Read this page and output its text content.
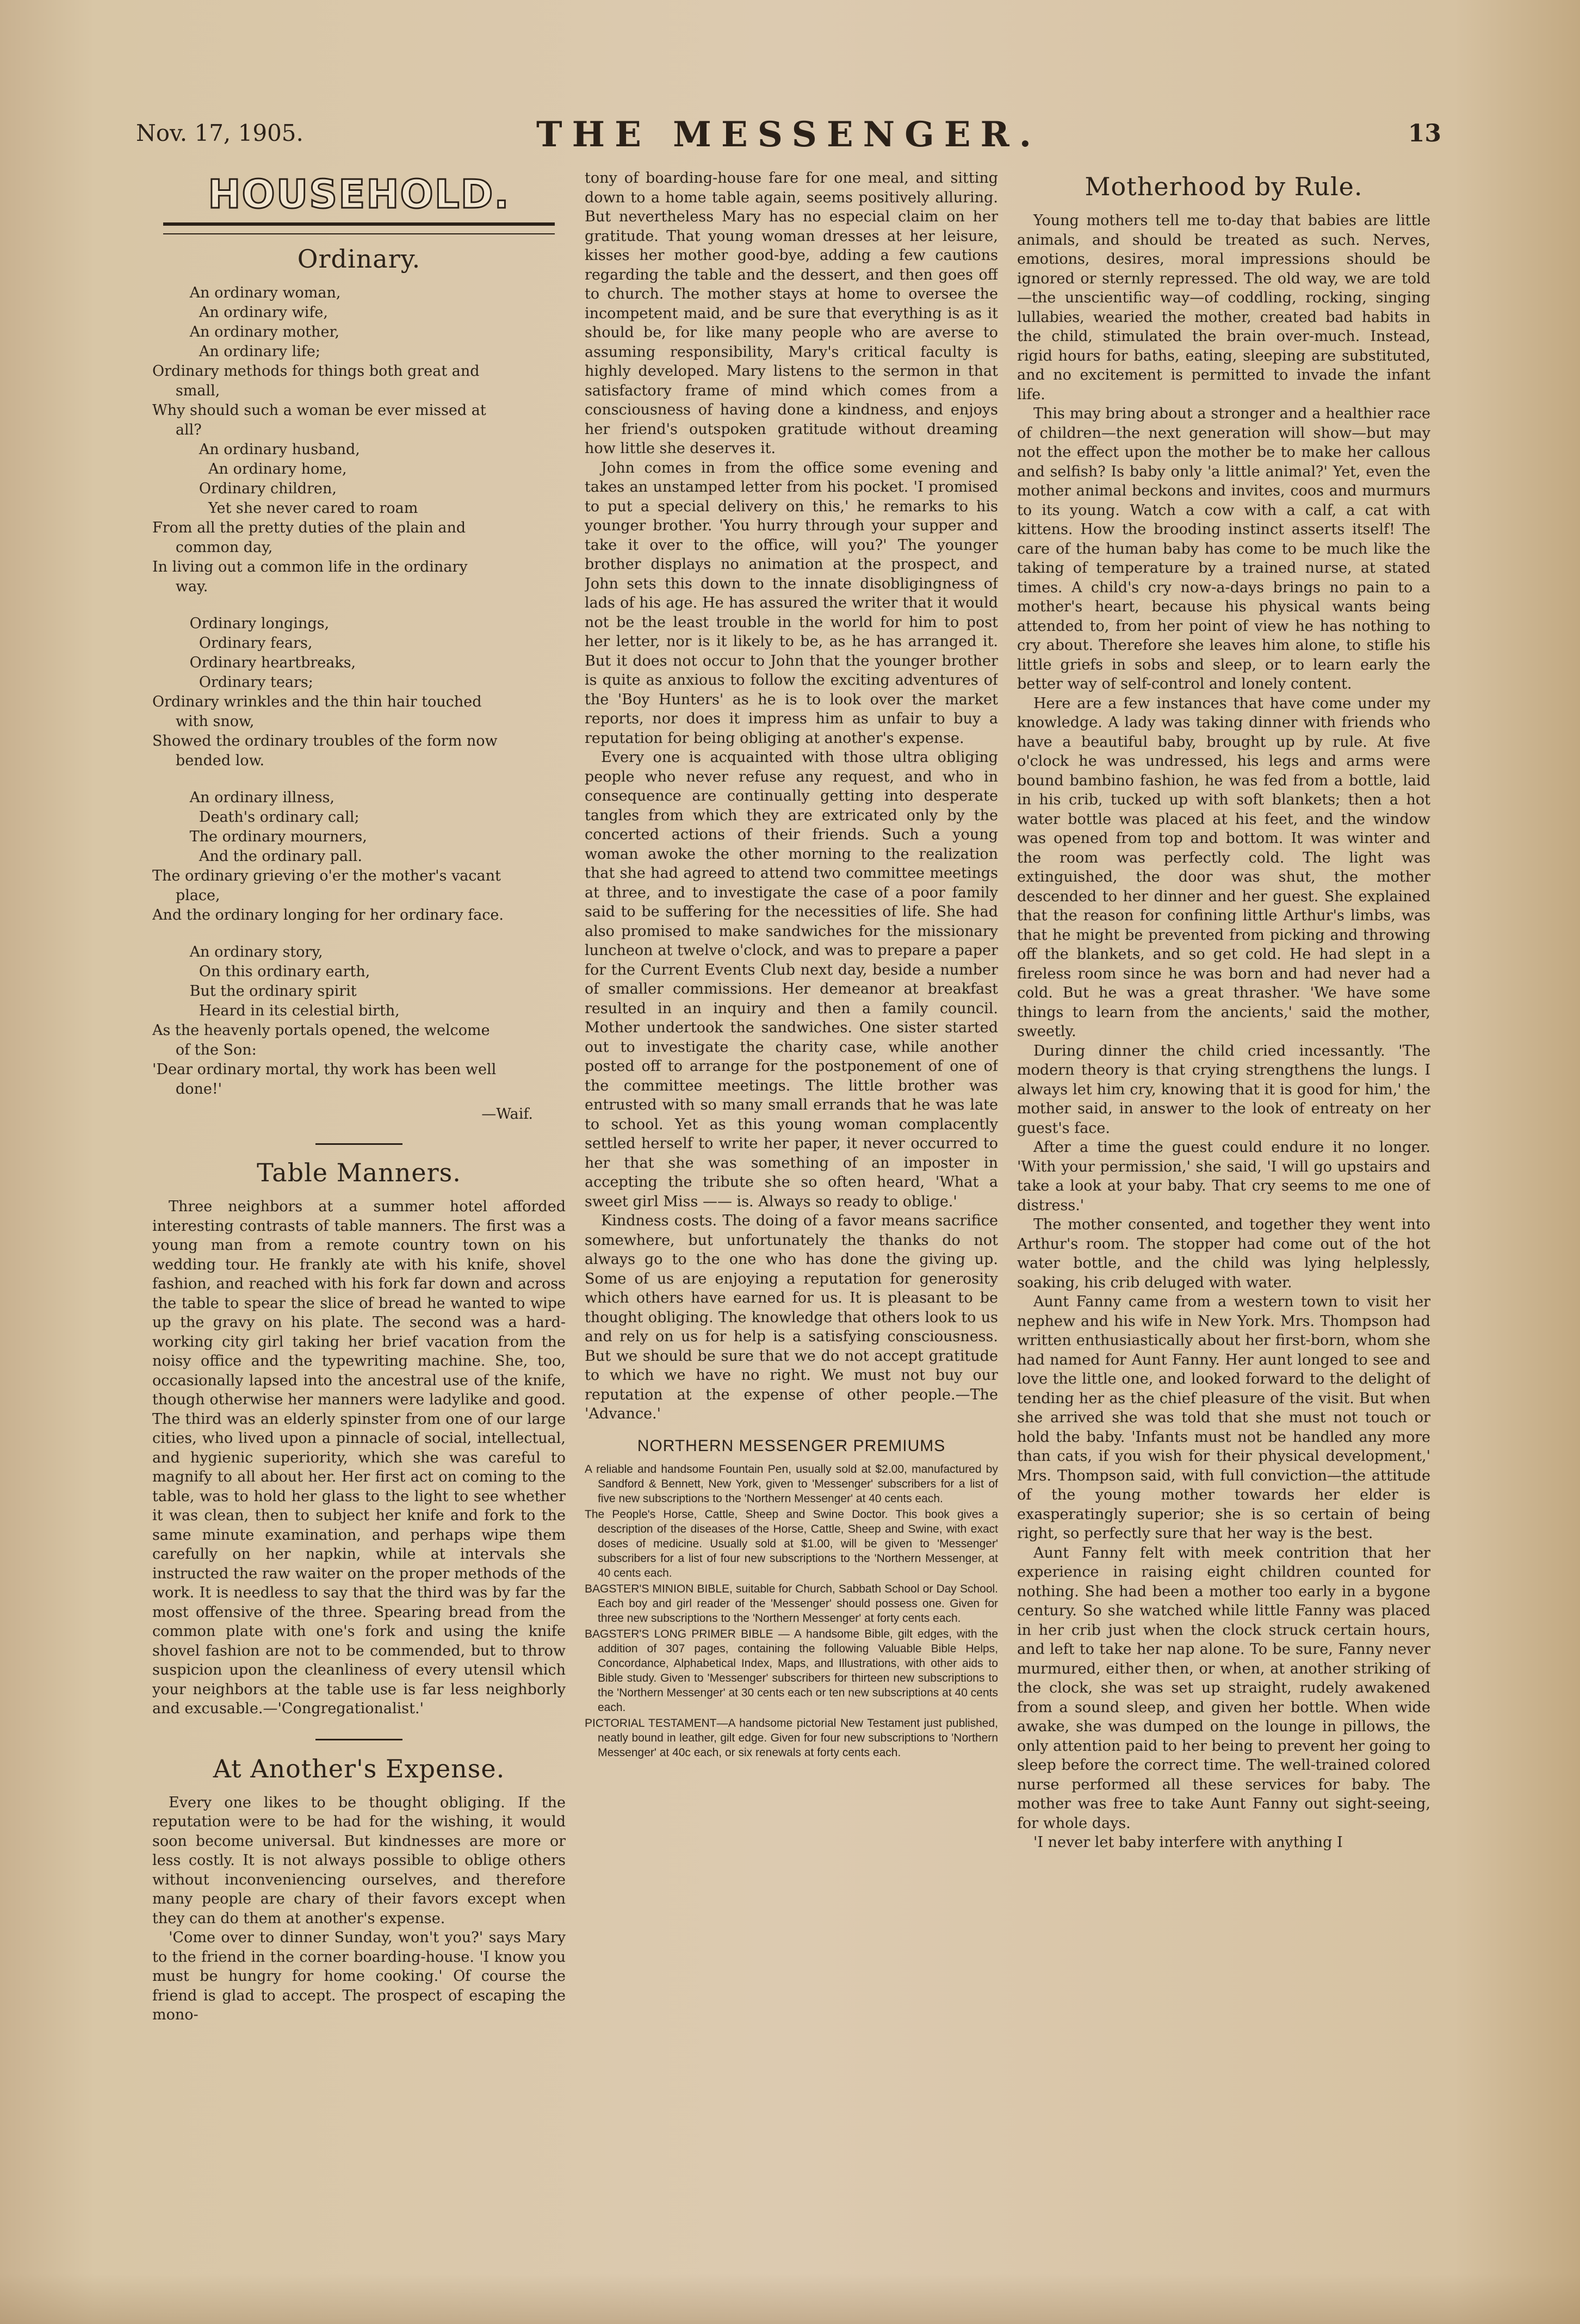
Nov. 17, 1905.	THE MESSENGER.	13
HOUSEHOLD.
Ordinary.
An ordinary woman,
An ordinary wife,
An ordinary mother,
An ordinary life;
Ordinary methods for things both great and
small,
Why should such a woman be ever missed at
all?
An ordinary husband,
An ordinary home,
Ordinary children,
Yet she never cared to roam
From all the pretty duties of the plain and
common day,
In living out a common life in the ordinary
way.
Ordinary longings,
Ordinary fears,
Ordinary heartbreaks,
Ordinary tears;
Ordinary wrinkles and the thin hair touched
with snow,
Showed the ordinary troubles of the form now
bended low.
An ordinary illness,
Death's ordinary call;
The ordinary mourners,
And the ordinary pall.
The ordinary grieving o'er the mother's vacant
place,
And the ordinary longing for her ordinary face.
An ordinary story,
On this ordinary earth,
But the ordinary spirit
Heard in its celestial birth,
As the heavenly portals opened, the welcome
of the Son:
'Dear ordinary mortal, thy work has been well
done!'
—Waif.
Table Manners.

Three neighbors at a summer hotel afforded interesting contrasts of table manners. The first was a young man from a remote country town on his wedding tour. He frankly ate with his knife, shovel fashion, and reached with his fork far down and across the table to spear the slice of bread he wanted to wipe up the gravy on his plate. The second was a hard-working city girl taking her brief vacation from the noisy office and the typewriting machine. She, too, occasionally lapsed into the ancestral use of the knife, though otherwise her manners were ladylike and good. The third was an elderly spinster from one of our large cities, who lived upon a pinnacle of social, intellectual, and hygienic superiority, which she was careful to magnify to all about her. Her first act on coming to the table, was to hold her glass to the light to see whether it was clean, then to subject her knife and fork to the same minute examination, and perhaps wipe them carefully on her napkin, while at intervals she instructed the raw waiter on the proper methods of the work. It is needless to say that the third was by far the most offensive of the three. Spearing bread from the common plate with one's fork and using the knife shovel fashion are not to be commended, but to throw suspicion upon the cleanliness of every utensil which your neighbors at the table use is far less neighborly and excusable.—'Congregationalist.'

At Another's Expense.

Every one likes to be thought obliging. If the reputation were to be had for the wishing, it would soon become universal. But kindnesses are more or less costly. It is not always possible to oblige others without inconveniencing ourselves, and therefore many people are chary of their favors except when they can do them at another's expense.

'Come over to dinner Sunday, won't you?' says Mary to the friend in the corner boarding-house. 'I know you must be hungry for home cooking.' Of course the friend is glad to accept. The prospect of escaping the mono-

tony of boarding-house fare for one meal, and sitting down to a home table again, seems positively alluring. But nevertheless Mary has no especial claim on her gratitude. That young woman dresses at her leisure, kisses her mother good-bye, adding a few cautions regarding the table and the dessert, and then goes off to church. The mother stays at home to oversee the incompetent maid, and be sure that everything is as it should be, for like many people who are averse to assuming responsibility, Mary's critical faculty is highly developed. Mary listens to the sermon in that satisfactory frame of mind which comes from a consciousness of having done a kindness, and enjoys her friend's outspoken gratitude without dreaming how little she deserves it.

John comes in from the office some evening and takes an unstamped letter from his pocket. 'I promised to put a special delivery on this,' he remarks to his younger brother. 'You hurry through your supper and take it over to the office, will you?' The younger brother displays no animation at the prospect, and John sets this down to the innate disobligingness of lads of his age. He has assured the writer that it would not be the least trouble in the world for him to post her letter, nor is it likely to be, as he has arranged it. But it does not occur to John that the younger brother is quite as anxious to follow the exciting adventures of the 'Boy Hunters' as he is to look over the market reports, nor does it impress him as unfair to buy a reputation for being obliging at another's expense.

Every one is acquainted with those ultra obliging people who never refuse any request, and who in consequence are continually getting into desperate tangles from which they are extricated only by the concerted actions of their friends. Such a young woman awoke the other morning to the realization that she had agreed to attend two committee meetings at three, and to investigate the case of a poor family said to be suffering for the necessities of life. She had also promised to make sandwiches for the missionary luncheon at twelve o'clock, and was to prepare a paper for the Current Events Club next day, beside a number of smaller commissions. Her demeanor at breakfast resulted in an inquiry and then a family council. Mother undertook the sandwiches. One sister started out to investigate the charity case, while another posted off to arrange for the postponement of one of the committee meetings. The little brother was entrusted with so many small errands that he was late to school. Yet as this young woman complacently settled herself to write her paper, it never occurred to her that she was something of an imposter in accepting the tribute she so often heard, 'What a sweet girl Miss —— is. Always so ready to oblige.'

Kindness costs. The doing of a favor means sacrifice somewhere, but unfortunately the thanks do not always go to the one who has done the giving up. Some of us are enjoying a reputation for generosity which others have earned for us. It is pleasant to be thought obliging. The knowledge that others look to us and rely on us for help is a satisfying consciousness. But we should be sure that we do not accept gratitude to which we have no right. We must not buy our reputation at the expense of other people.—The 'Advance.'

NORTHERN MESSENGER PREMIUMS

A reliable and handsome Fountain Pen, usually sold at $2.00, manufactured by Sandford & Bennett, New York, given to 'Messenger' subscribers for a list of five new subscriptions to the 'Northern Messenger' at 40 cents each.

The People's Horse, Cattle, Sheep and Swine Doctor. This book gives a description of the diseases of the Horse, Cattle, Sheep and Swine, with exact doses of medicine. Usually sold at $1.00, will be given to 'Messenger' subscribers for a list of four new subscriptions to the 'Northern Messenger, at 40 cents each.

BAGSTER'S MINION BIBLE, suitable for Church, Sabbath School or Day School. Each boy and girl reader of the 'Messenger' should possess one. Given for three new subscriptions to the 'Northern Messenger' at forty cents each.

BAGSTER'S LONG PRIMER BIBLE — A handsome Bible, gilt edges, with the addition of 307 pages, containing the following Valuable Bible Helps, Concordance, Alphabetical Index, Maps, and Illustrations, with other aids to Bible study. Given to 'Messenger' subscribers for thirteen new subscriptions to the 'Northern Messenger' at 30 cents each or ten new subscriptions at 40 cents each.

PICTORIAL TESTAMENT—A handsome pictorial New Testament just published, neatly bound in leather, gilt edge. Given for four new subscriptions to 'Northern Messenger' at 40c each, or six renewals at forty cents each.

Motherhood by Rule.

Young mothers tell me to-day that babies are little animals, and should be treated as such. Nerves, emotions, desires, moral impressions should be ignored or sternly repressed. The old way, we are told—the unscientific way—of coddling, rocking, singing lullabies, wearied the mother, created bad habits in the child, stimulated the brain over-much. Instead, rigid hours for baths, eating, sleeping are substituted, and no excitement is permitted to invade the infant life.

This may bring about a stronger and a healthier race of children—the next generation will show—but may not the effect upon the mother be to make her callous and selfish? Is baby only 'a little animal?' Yet, even the mother animal beckons and invites, coos and murmurs to its young. Watch a cow with a calf, a cat with kittens. How the brooding instinct asserts itself! The care of the human baby has come to be much like the taking of temperature by a trained nurse, at stated times. A child's cry now-a-days brings no pain to a mother's heart, because his physical wants being attended to, from her point of view he has nothing to cry about. Therefore she leaves him alone, to stifle his little griefs in sobs and sleep, or to learn early the better way of self-control and lonely content.

Here are a few instances that have come under my knowledge. A lady was taking dinner with friends who have a beautiful baby, brought up by rule. At five o'clock he was undressed, his legs and arms were bound bambino fashion, he was fed from a bottle, laid in his crib, tucked up with soft blankets; then a hot water bottle was placed at his feet, and the window was opened from top and bottom. It was winter and the room was perfectly cold. The light was extinguished, the door was shut, the mother descended to her dinner and her guest. She explained that the reason for confining little Arthur's limbs, was that he might be prevented from picking and throwing off the blankets, and so get cold. He had slept in a fireless room since he was born and had never had a cold. But he was a great thrasher. 'We have some things to learn from the ancients,' said the mother, sweetly.

During dinner the child cried incessantly. 'The modern theory is that crying strengthens the lungs. I always let him cry, knowing that it is good for him,' the mother said, in answer to the look of entreaty on her guest's face.

After a time the guest could endure it no longer. 'With your permission,' she said, 'I will go upstairs and take a look at your baby. That cry seems to me one of distress.'

The mother consented, and together they went into Arthur's room. The stopper had come out of the hot water bottle, and the child was lying helplessly, soaking, his crib deluged with water.

Aunt Fanny came from a western town to visit her nephew and his wife in New York. Mrs. Thompson had written enthusiastically about her first-born, whom she had named for Aunt Fanny. Her aunt longed to see and love the little one, and looked forward to the delight of tending her as the chief pleasure of the visit. But when she arrived she was told that she must not touch or hold the baby. 'Infants must not be handled any more than cats, if you wish for their physical development,' Mrs. Thompson said, with full conviction—the attitude of the young mother towards her elder is exasperatingly superior; she is so certain of being right, so perfectly sure that her way is the best.

Aunt Fanny felt with meek contrition that her experience in raising eight children counted for nothing. She had been a mother too early in a bygone century. So she watched while little Fanny was placed in her crib just when the clock struck certain hours, and left to take her nap alone. To be sure, Fanny never murmured, either then, or when, at another striking of the clock, she was set up straight, rudely awakened from a sound sleep, and given her bottle. When wide awake, she was dumped on the lounge in pillows, the only attention paid to her being to prevent her going to sleep before the correct time. The well-trained colored nurse performed all these services for baby. The mother was free to take Aunt Fanny out sight-seeing, for whole days.

'I never let baby interfere with anything I
